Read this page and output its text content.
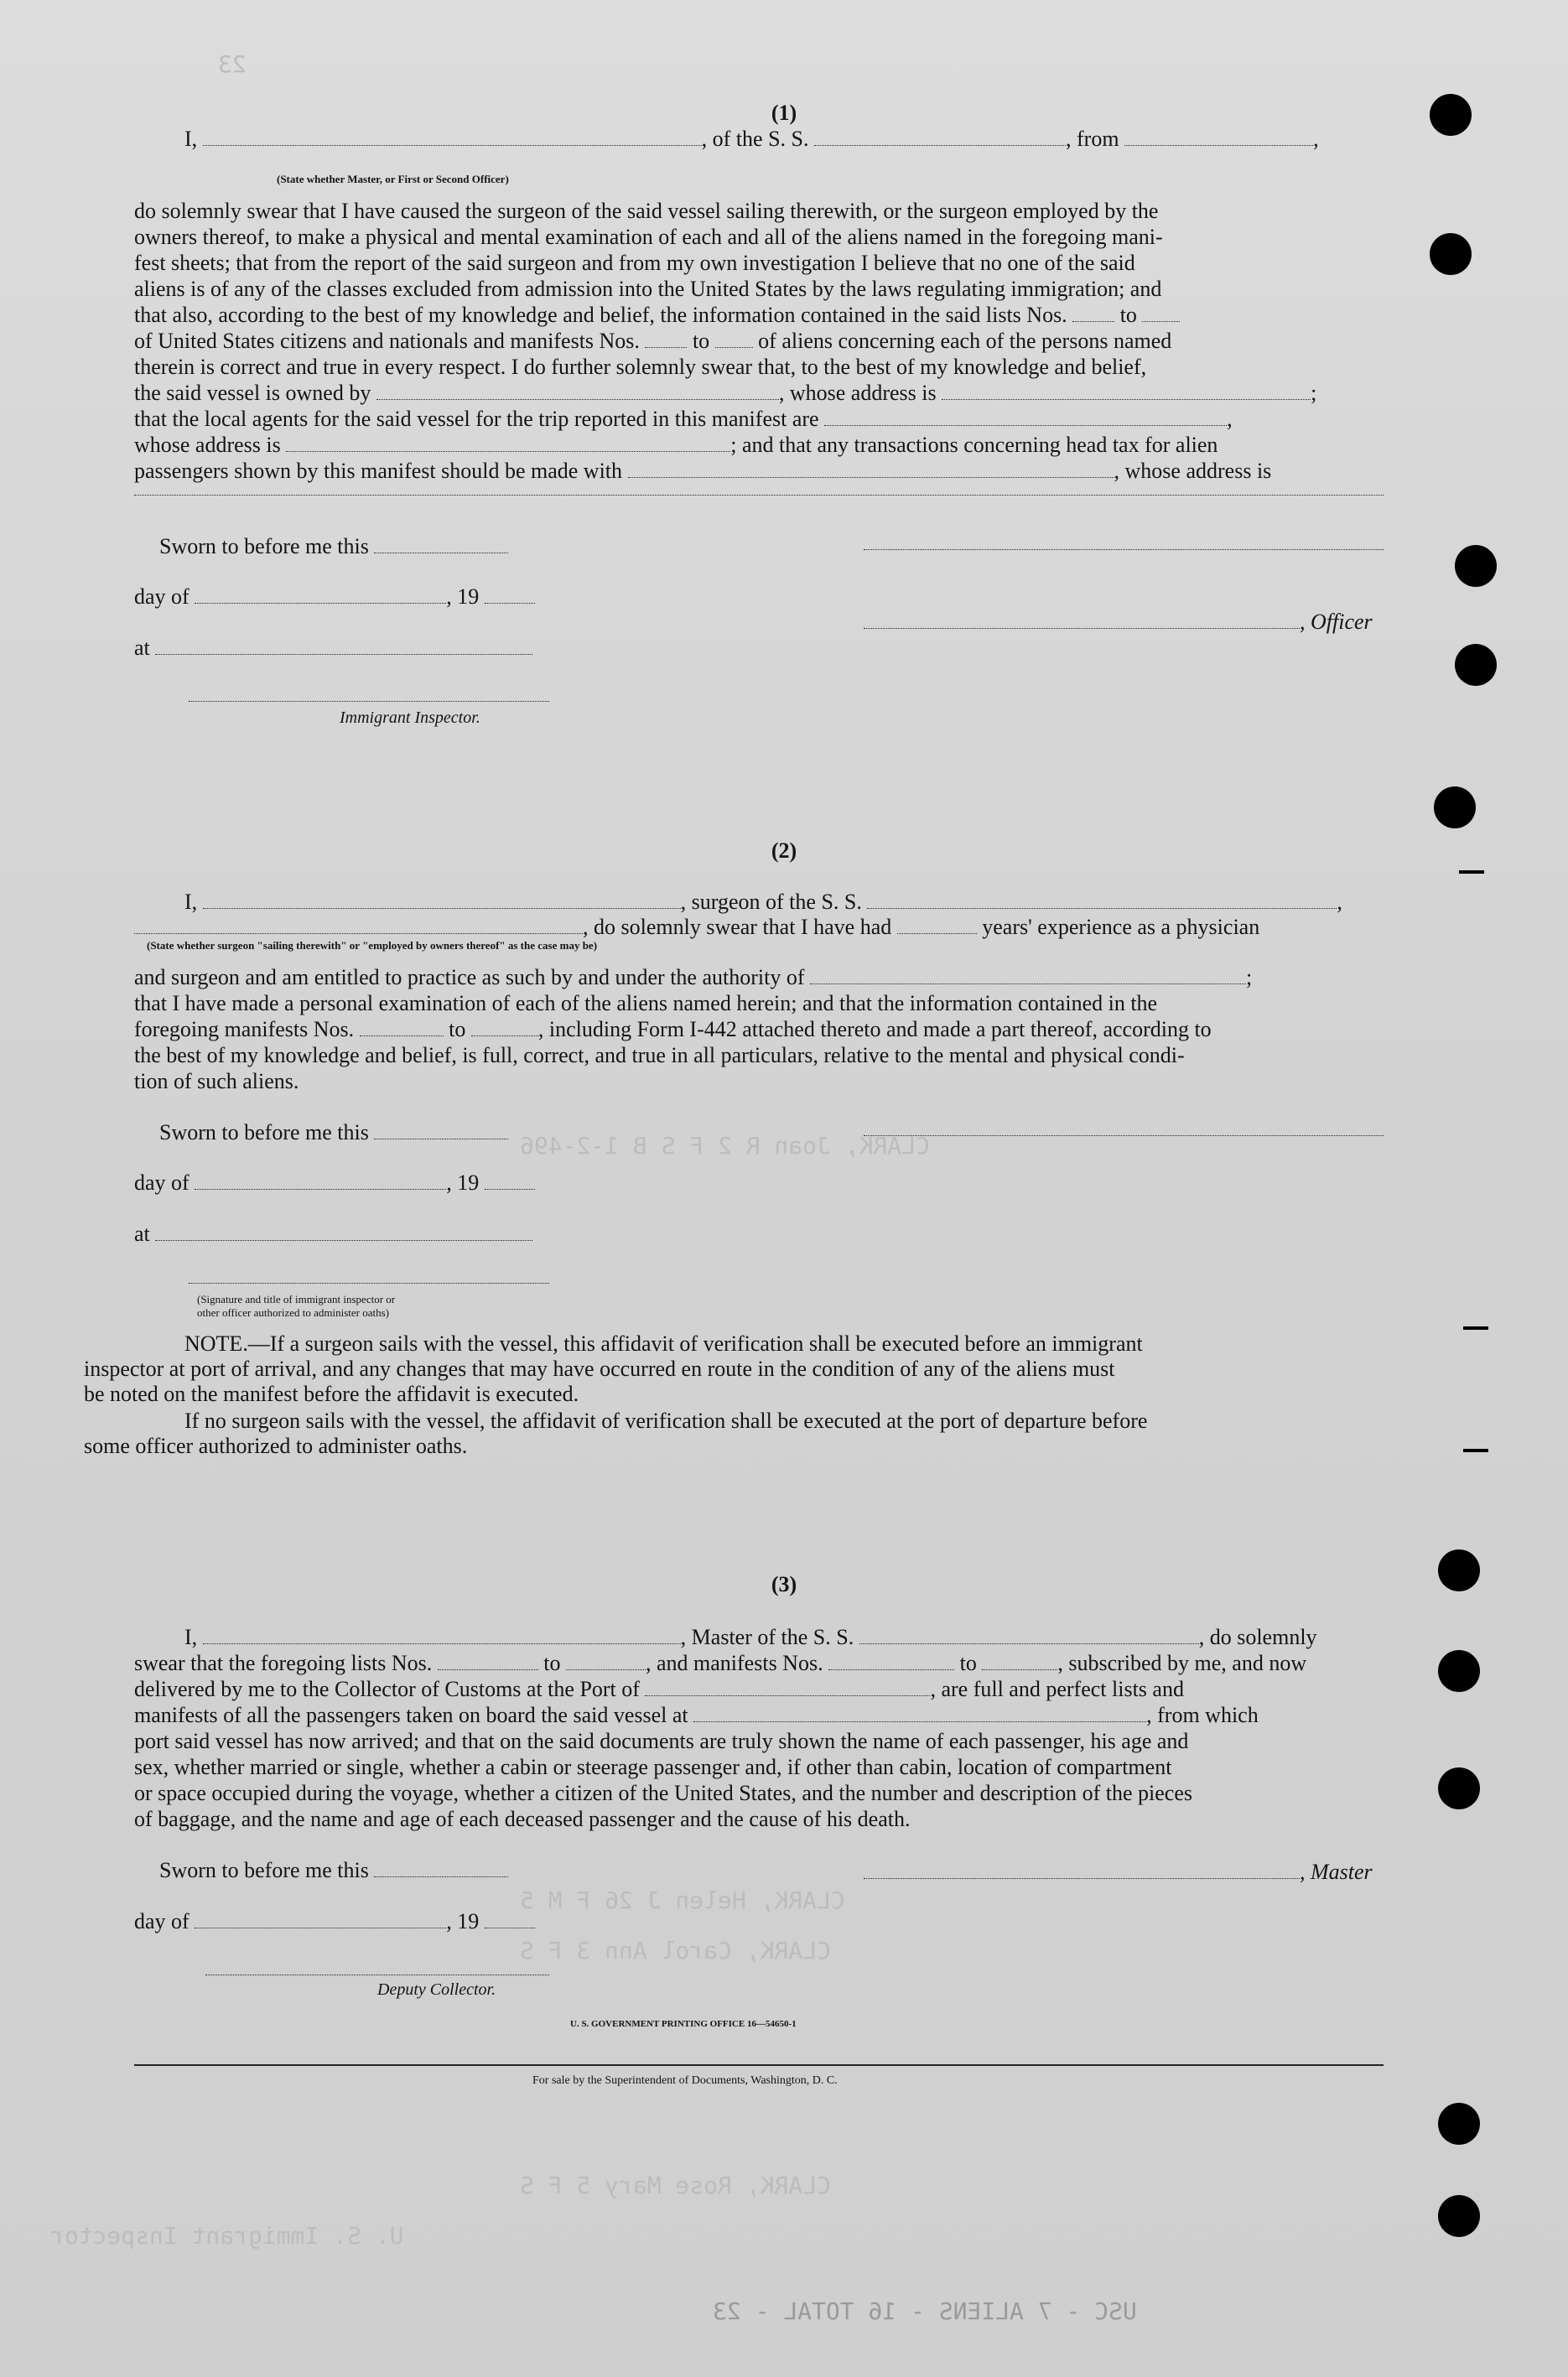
23
CLARK, Helen J 26 F M 5
CLARK, Joan R 2 F S B 1-2-496
CLARK, Carol Ann 3 F S
CLARK, Rose Mary 5 F S
U. S. Immigrant Inspector
USC - 7 ALIENS - 16 TOTAL - 23
(1)
I,	, of the S. S.	, from	,
(State whether Master, or First or Second Officer)
do solemnly swear that I have caused the surgeon of the said vessel sailing therewith, or the surgeon employed by the
owners thereof, to make a physical and mental examination of each and all of the aliens named in the foregoing mani-
fest sheets; that from the report of the said surgeon and from my own investigation I believe that no one of the said
aliens is of any of the classes excluded from admission into the United States by the laws regulating immigration; and
that also, according to the best of my knowledge and belief, the information contained in the said lists Nos. to
of United States citizens and nationals and manifests Nos. to of aliens concerning each of the persons named
therein is correct and true in every respect. I do further solemnly swear that, to the best of my knowledge and belief,
the said vessel is owned by	, whose address is	;
that the local agents for the said vessel for the trip reported in this manifest are	,
whose address is	; and that any transactions concerning head tax for alien
passengers shown by this manifest should be made with	, whose address is
Sworn to before me this
day of	, 19
, Officer
at
Immigrant Inspector.
(2)
I,	, surgeon of the S. S.	,
, do solemnly swear that I have had	years' experience as a physician
(State whether surgeon "sailing therewith" or "employed by owners thereof" as the case may be)
and surgeon and am entitled to practice as such by and under the authority of	;
that I have made a personal examination of each of the aliens named herein; and that the information contained in the
foregoing manifests Nos.	to	, including Form I-442 attached thereto and made a part thereof, according to
the best of my knowledge and belief, is full, correct, and true in all particulars, relative to the mental and physical condi-
tion of such aliens.
Sworn to before me this
day of	, 19
at
(Signature and title of immigrant inspector or
other officer authorized to administer oaths)
NOTE.—If a surgeon sails with the vessel, this affidavit of verification shall be executed before an immigrant
inspector at port of arrival, and any changes that may have occurred en route in the condition of any of the aliens must
be noted on the manifest before the affidavit is executed.
If no surgeon sails with the vessel, the affidavit of verification shall be executed at the port of departure before
some officer authorized to administer oaths.
(3)
I,	, Master of the S. S.	, do solemnly
swear that the foregoing lists Nos.	to	, and manifests Nos.	to	, subscribed by me, and now
delivered by me to the Collector of Customs at the Port of	, are full and perfect lists and
manifests of all the passengers taken on board the said vessel at	, from which
port said vessel has now arrived; and that on the said documents are truly shown the name of each passenger, his age and
sex, whether married or single, whether a cabin or steerage passenger and, if other than cabin, location of compartment
or space occupied during the voyage, whether a citizen of the United States, and the number and description of the pieces
of baggage, and the name and age of each deceased passenger and the cause of his death.
Sworn to before me this	, Master
day of	, 19
Deputy Collector.
U. S. GOVERNMENT PRINTING OFFICE 16—54650-1
For sale by the Superintendent of Documents, Washington, D. C.
